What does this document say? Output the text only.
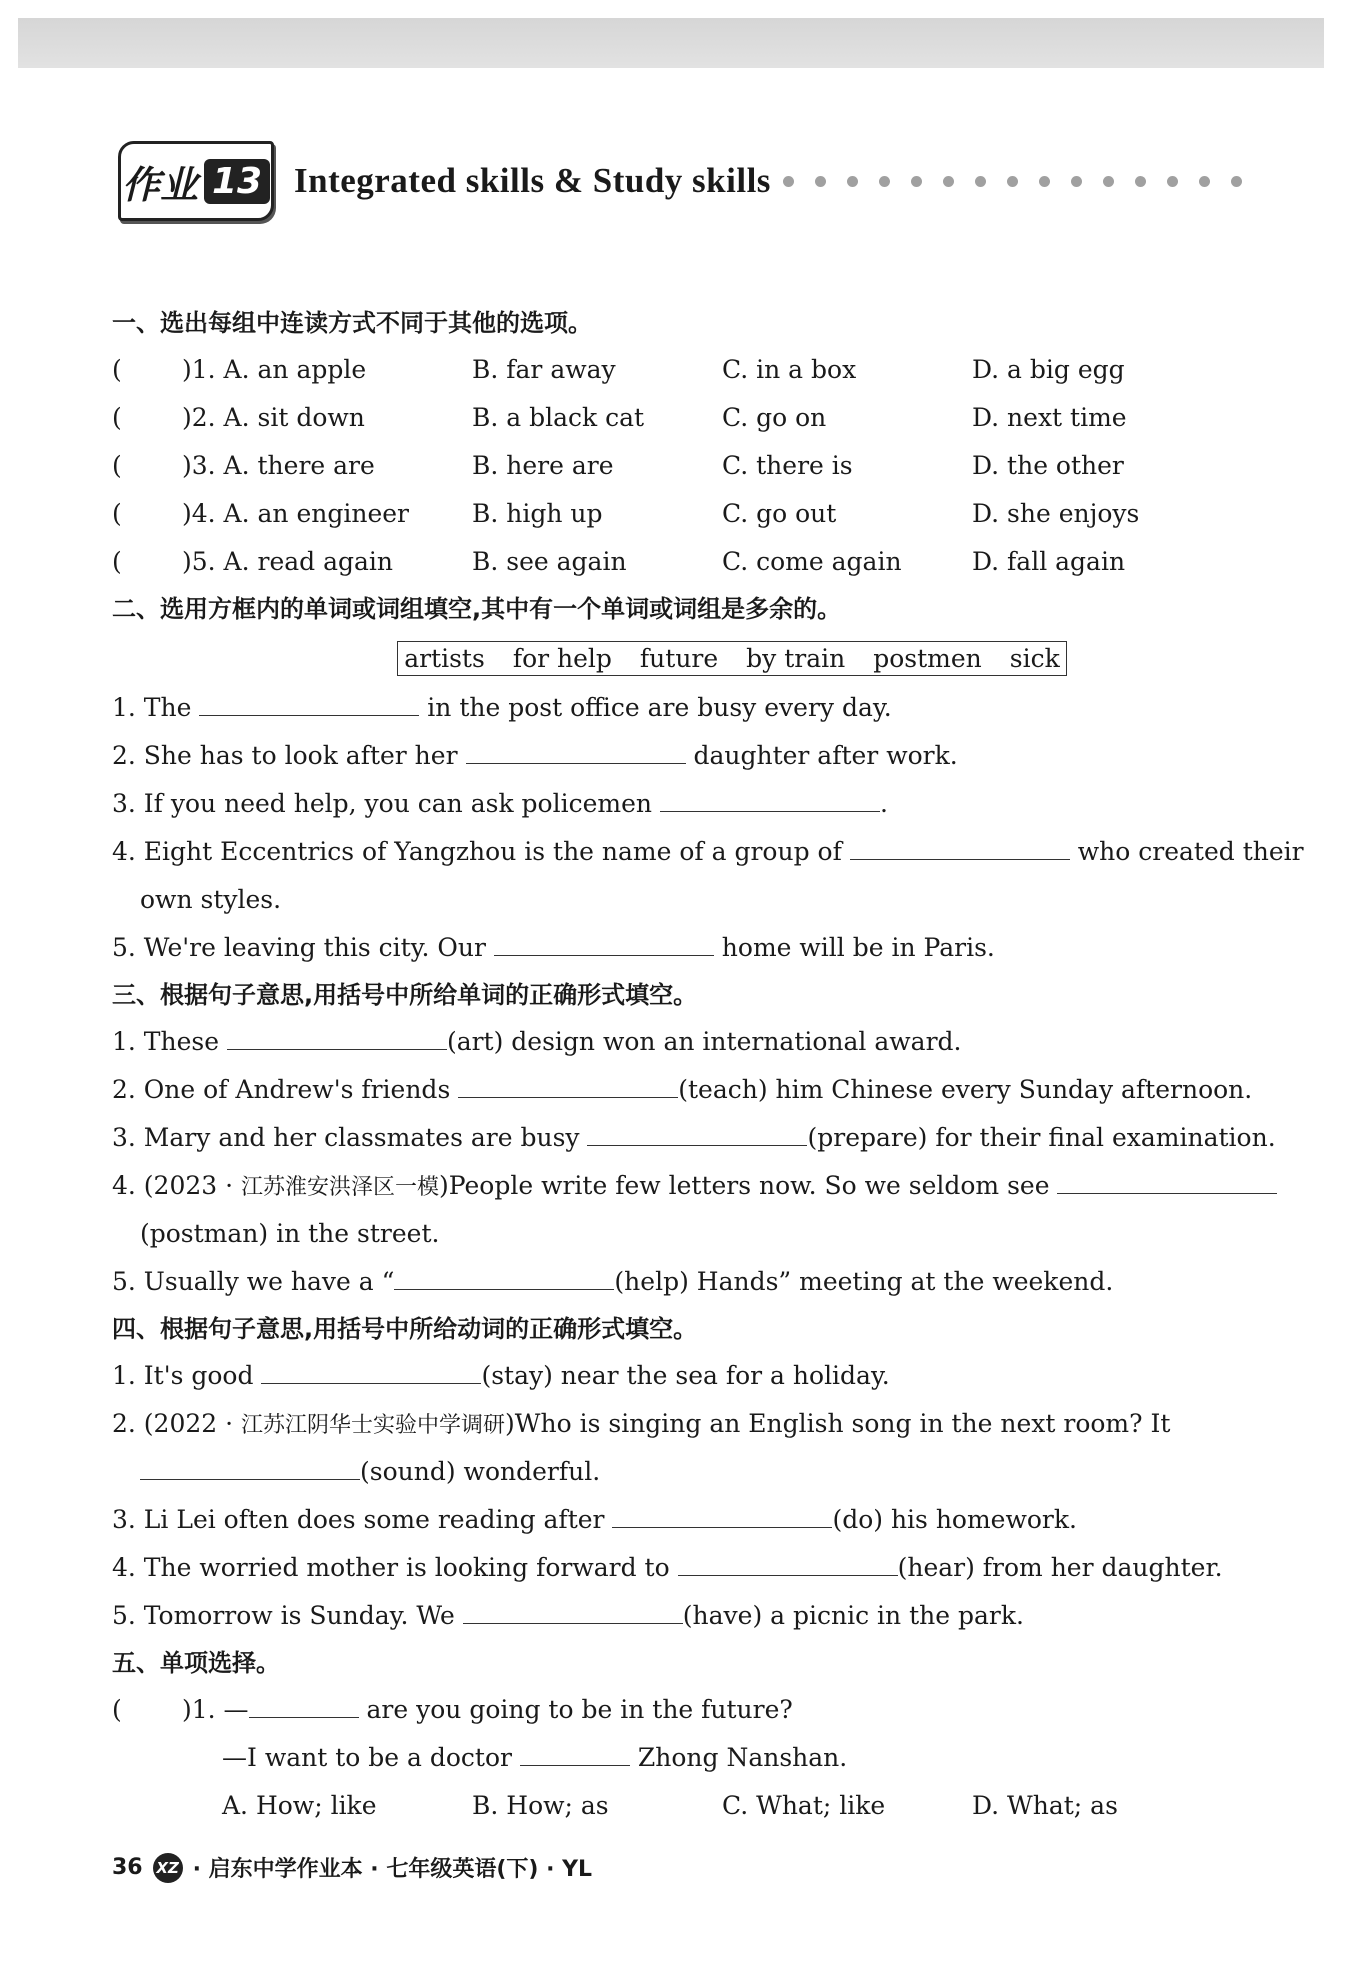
作业 13 Integrated skills & Study skills
一、选出每组中连读方式不同于其他的选项。
(	)1. A. an apple	B. far away	C. in a box	D. a big egg
(	)2. A. sit down	B. a black cat	C. go on	D. next time
(	)3. A. there are	B. here are	C. there is	D. the other
(	)4. A. an engineer	B. high up	C. go out	D. she enjoys
(	)5. A. read again	B. see again	C. come again	D. fall again
二、选用方框内的单词或词组填空,其中有一个单词或词组是多余的。
artists for help future by train postmen sick
1. The	in the post office are busy every day.
2. She has to look after her	daughter after work.
3. If you need help, you can ask policemen	.
4. Eight Eccentrics of Yangzhou is the name of a group of	who created their
own styles.
5. We're leaving this city. Our	home will be in Paris.
三、根据句子意思,用括号中所给单词的正确形式填空。
1. These	(art) design won an international award.
2. One of Andrew's friends	(teach) him Chinese every Sunday afternoon.
3. Mary and her classmates are busy	(prepare) for their final examination.
4. (2023 · 江苏淮安洪泽区一模)People write few letters now. So we seldom see
(postman) in the street.
5. Usually we have a “	(help) Hands” meeting at the weekend.
四、根据句子意思,用括号中所给动词的正确形式填空。
1. It's good	(stay) near the sea for a holiday.
2. (2022 · 江苏江阴华士实验中学调研)Who is singing an English song in the next room? It
(sound) wonderful.
3. Li Lei often does some reading after	(do) his homework.
4. The worried mother is looking forward to	(hear) from her daughter.
5. Tomorrow is Sunday. We	(have) a picnic in the park.
五、单项选择。
( )1. —	are you going to be in the future?
—I want to be a doctor	Zhong Nanshan.
A. How; like	B. How; as	C. What; like	D. What; as
36 XZ · 启东中学作业本 · 七年级英语(下) · YL
